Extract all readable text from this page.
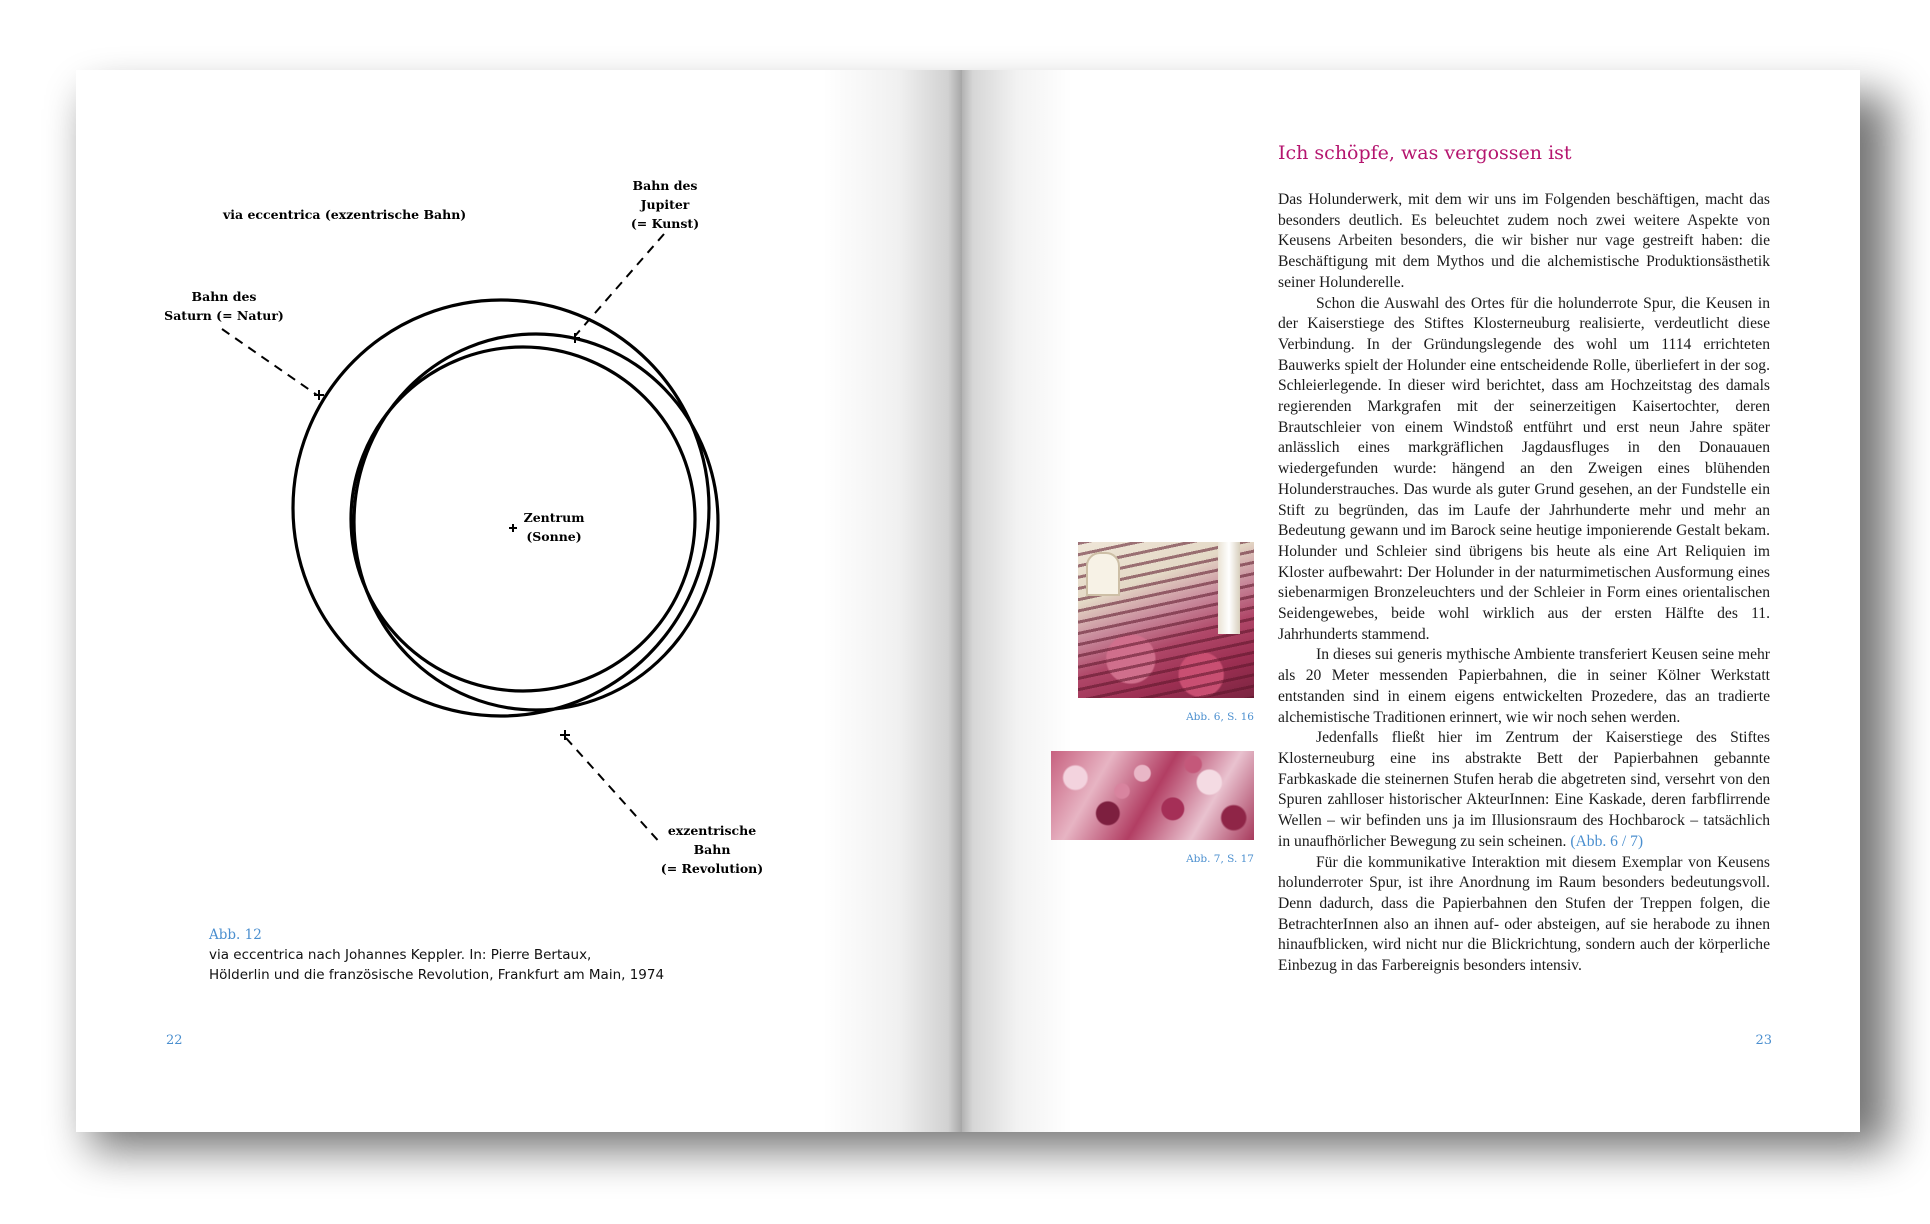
via eccentrica (exzentrische Bahn)
Bahn des
Jupiter
(= Kunst)
Bahn des
Saturn (= Natur)
Zentrum
(Sonne)
exzentrische
Bahn
(= Revolution)
Abb. 12
via eccentrica nach Johannes Keppler. In: Pierre Bertaux,
Hölderlin und die französische Revolution, Frankfurt am Main, 1974
22
Ich schöpfe, was vergossen ist

Das Holunderwerk, mit dem wir uns im Folgenden beschäftigen, macht das besonders deutlich. Es beleuchtet zudem noch zwei weitere Aspekte von Keusens Arbeiten besonders, die wir bisher nur vage gestreift haben: die Beschäftigung mit dem Mythos und die alchemistische Produktionsästhetik seiner Holunderelle.

Schon die Auswahl des Ortes für die holunderrote Spur, die Keusen in der Kaiserstiege des Stiftes Klosterneuburg realisierte, verdeutlicht diese Verbindung. In der Gründungslegende des wohl um 1114 errichteten Bauwerks spielt der Holunder eine entscheidende Rolle, überliefert in der sog. Schleierlegende. In dieser wird berichtet, dass am Hochzeitstag des damals regierenden Markgrafen mit der seinerzeitigen Kaisertochter, deren Brautschleier von einem Windstoß entführt und erst neun Jahre später anlässlich eines markgräflichen Jagdausfluges in den Donauauen wiedergefunden wurde: hängend an den Zweigen eines blühenden Holunderstrauches. Das wurde als guter Grund gesehen, an der Fundstelle ein Stift zu begründen, das im Laufe der Jahrhunderte mehr und mehr an Bedeutung gewann und im Barock seine heutige imponierende Gestalt bekam. Holunder und Schleier sind übrigens bis heute als eine Art Reliquien im Kloster aufbewahrt: Der Holunder in der naturmimetischen Ausformung eines siebenarmigen Bronzeleuchters und der Schleier in Form eines orientalischen Seidengewebes, beide wohl wirklich aus der ersten Hälfte des 11. Jahrhunderts stammend.

In dieses sui generis mythische Ambiente transferiert Keusen seine mehr als 20 Meter messenden Papierbahnen, die in seiner Kölner Werkstatt entstanden sind in einem eigens entwickelten Prozedere, das an tradierte alchemistische Traditionen erinnert, wie wir noch sehen werden.

Jedenfalls fließt hier im Zentrum der Kaiserstiege des Stiftes Klosterneuburg eine ins abstrakte Bett der Papierbahnen gebannte Farbkaskade die steinernen Stufen herab die abgetreten sind, versehrt von den Spuren zahlloser historischer AkteurInnen: Eine Kaskade, deren farbflirrende Wellen – wir befinden uns ja im Illusionsraum des Hochbarock – tatsächlich in unaufhörlicher Bewegung zu sein scheinen. (Abb. 6 / 7)

Für die kommunikative Interaktion mit diesem Exemplar von Keusens holunderroter Spur, ist ihre Anordnung im Raum besonders bedeutungsvoll. Denn dadurch, dass die Papierbahnen den Stufen der Treppen folgen, die BetrachterInnen also an ihnen auf- oder absteigen, auf sie herabode zu ihnen hinaufblicken, wird nicht nur die Blickrichtung, sondern auch der körperliche Einbezug in das Farbereignis besonders intensiv.

Abb. 6, S. 16
Abb. 7, S. 17
23
